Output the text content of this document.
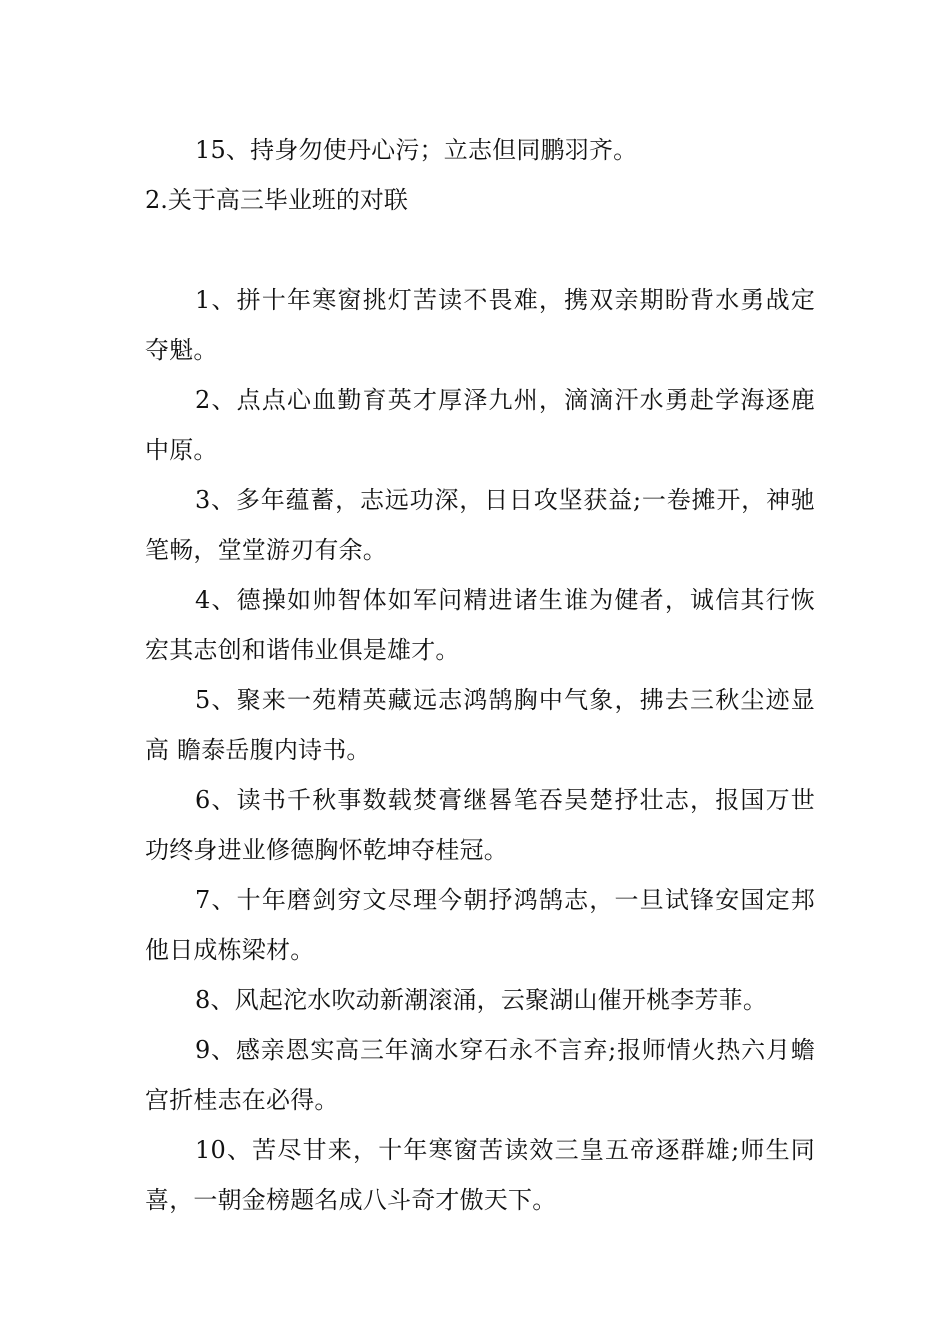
15、持身勿使丹心污；立志但同鹏羽齐。

2.关于高三毕业班的对联

1、拼十年寒窗挑灯苦读不畏难，携双亲期盼背水勇战定夺魁。

2、点点心血勤育英才厚泽九州，滴滴汗水勇赴学海逐鹿中原。

3、多年蕴蓄，志远功深，日日攻坚获益;一卷摊开，神驰笔畅，堂堂游刃有余。

4、德操如帅智体如军问精进诸生谁为健者，诚信其行恢宏其志创和谐伟业俱是雄才。

5、聚来一苑精英藏远志鸿鹄胸中气象，拂去三秋尘迹显高 瞻泰岳腹内诗书。

6、读书千秋事数载焚膏继晷笔吞吴楚抒壮志，报国万世功终身进业修德胸怀乾坤夺桂冠。

7、十年磨剑穷文尽理今朝抒鸿鹄志，一旦试锋安国定邦他日成栋梁材。

8、风起沱水吹动新潮滚涌，云聚湖山催开桃李芳菲。

9、感亲恩实高三年滴水穿石永不言弃;报师情火热六月蟾宫折桂志在必得。

10、苦尽甘来，十年寒窗苦读效三皇五帝逐群雄;师生同喜，一朝金榜题名成八斗奇才傲天下。
